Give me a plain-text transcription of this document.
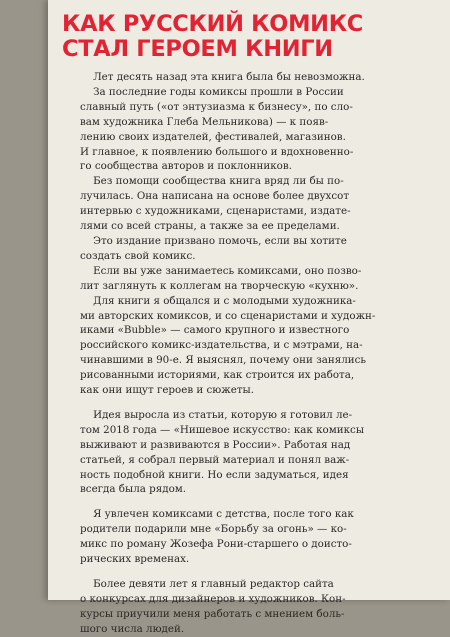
КАК РУССКИЙ КОМИКС
СТАЛ ГЕРОЕМ КНИГИ

Лет десять назад эта книга была бы невозможна.

За последние годы комиксы прошли в России
славный путь («от энтузиазма к бизнесу», по сло-
вам художника Глеба Мельникова) — к появ-
лению своих издателей, фестивалей, магазинов.
И главное, к появлению большого и вдохновенно-
го сообщества авторов и поклонников.

Без помощи сообщества книга вряд ли бы по-
лучилась. Она написана на основе более двухсот
интервью с художниками, сценаристами, издате-
лями со всей страны, а также за ее пределами.

Это издание призвано помочь, если вы хотите
создать свой комикс.

Если вы уже занимаетесь комиксами, оно позво-
лит заглянуть к коллегам на творческую «кухню».

Для книги я общался и с молодыми художника-
ми авторских комиксов, и со сценаристами и художн-
иками «Bubble» — самого крупного и известного
российского комикс-издательства, и с мэтрами, на-
чинавшими в 90-е. Я выяснял, почему они занялись
рисованными историями, как строится их работа,
как они ищут героев и сюжеты.

Идея выросла из статьи, которую я готовил ле-
том 2018 года — «Нишевое искусство: как комиксы
выживают и развиваются в России». Работая над
статьей, я собрал первый материал и понял важ-
ность подобной книги. Но если задуматься, идея
всегда была рядом.

Я увлечен комиксами с детства, после того как
родители подарили мне «Борьбу за огонь» — ко-
микс по роману Жозефа Рони-старшего о доисто-
рических временах.

Более девяти лет я главный редактор сайта
о конкурсах для дизайнеров и художников. Кон-
курсы приучили меня работать с мнением боль-
шого числа людей.
